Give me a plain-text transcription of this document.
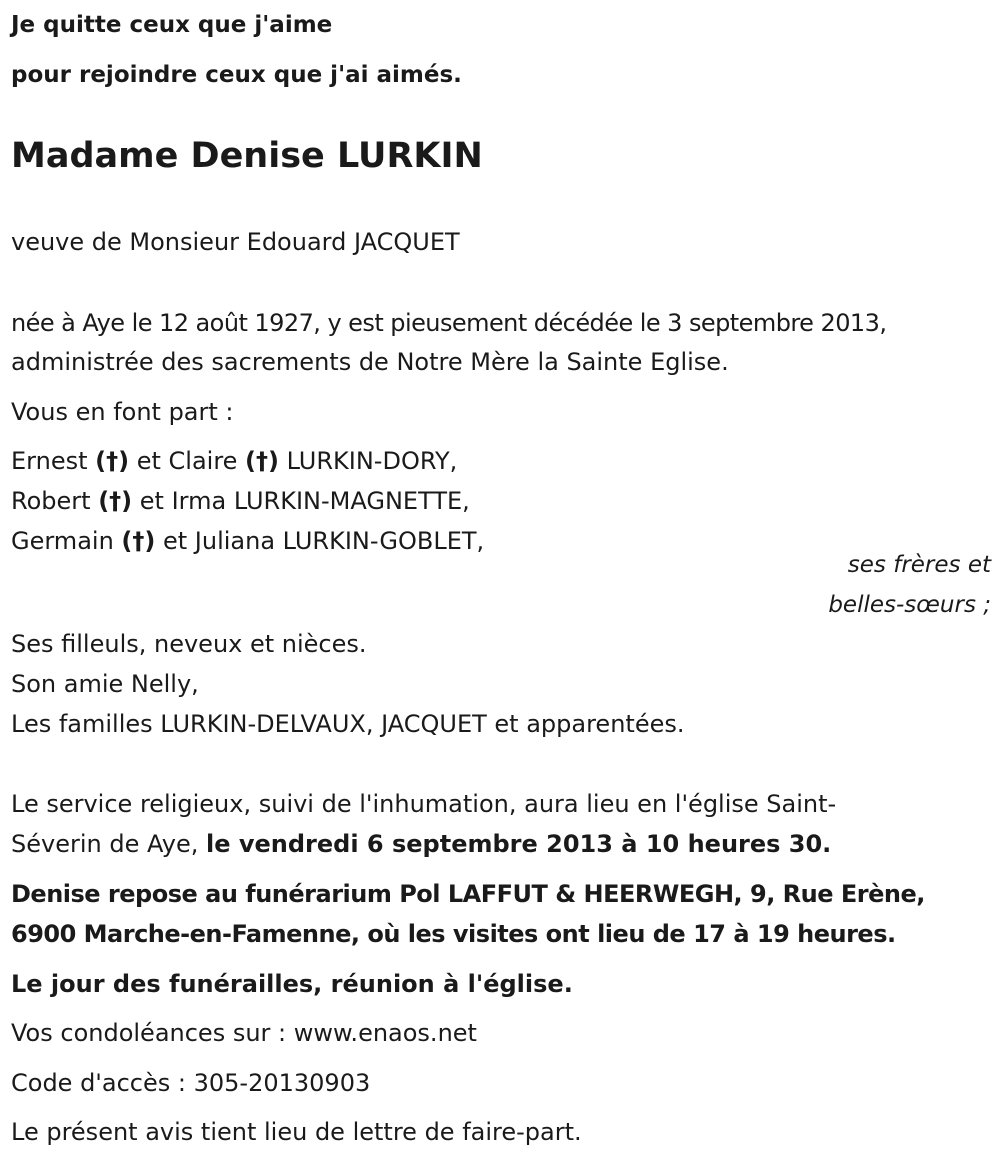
Je quitte ceux que j'aime
pour rejoindre ceux que j'ai aimés.
Madame Denise LURKIN
veuve de Monsieur Edouard JACQUET
née à Aye le 12 août 1927, y est pieusement décédée le 3 septembre 2013,
administrée des sacrements de Notre Mère la Sainte Eglise.
Vous en font part :
Ernest (†) et Claire (†) LURKIN-DORY,
Robert (†) et Irma LURKIN-MAGNETTE,
Germain (†) et Juliana LURKIN-GOBLET,
ses frères et
belles-sœurs ;
Ses filleuls, neveux et nièces.
Son amie Nelly,
Les familles LURKIN-DELVAUX, JACQUET et apparentées.
Le service religieux, suivi de l'inhumation, aura lieu en l'église Saint-
Séverin de Aye, le vendredi 6 septembre 2013 à 10 heures 30.
Denise repose au funérarium Pol LAFFUT & HEERWEGH, 9, Rue Erène,
6900 Marche-en-Famenne, où les visites ont lieu de 17 à 19 heures.
Le jour des funérailles, réunion à l'église.
Vos condoléances sur : www.enaos.net
Code d'accès : 305-20130903
Le présent avis tient lieu de lettre de faire-part.
